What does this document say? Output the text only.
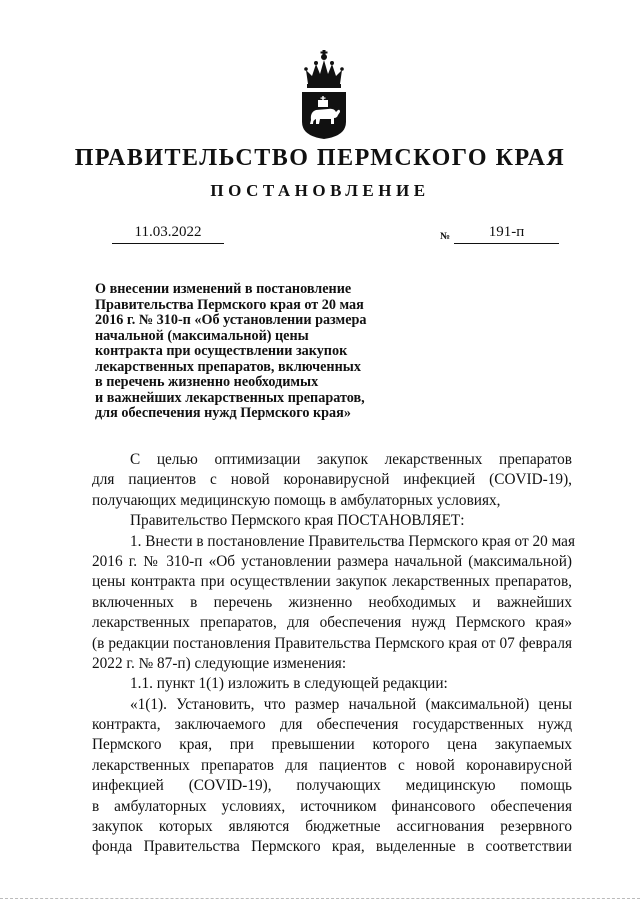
ПРАВИТЕЛЬСТВО ПЕРМСКОГО КРАЯ
ПОСТАНОВЛЕНИЕ
11.03.2022	№	191-п
О внесении изменений в постановление
Правительства Пермского края от 20 мая
2016 г. № 310-п «Об установлении размера
начальной (максимальной) цены
контракта при осуществлении закупок
лекарственных препаратов, включенных
в перечень жизненно необходимых
и важнейших лекарственных препаратов,
для обеспечения нужд Пермского края»
С целью оптимизации закупок лекарственных препаратов
для пациентов с новой коронавирусной инфекцией (COVID-19),
получающих медицинскую помощь в амбулаторных условиях,
Правительство Пермского края ПОСТАНОВЛЯЕТ:
1. Внести в постановление Правительства Пермского края от 20 мая
2016 г. № 310-п «Об установлении размера начальной (максимальной)
цены контракта при осуществлении закупок лекарственных препаратов,
включенных в перечень жизненно необходимых и важнейших
лекарственных препаратов, для обеспечения нужд Пермского края»
(в редакции постановления Правительства Пермского края от 07 февраля
2022 г. № 87-п) следующие изменения:
1.1. пункт 1(1) изложить в следующей редакции:
«1(1). Установить, что размер начальной (максимальной) цены
контракта, заключаемого для обеспечения государственных нужд
Пермского края, при превышении которого цена закупаемых
лекарственных препаратов для пациентов с новой коронавирусной
инфекцией (COVID-19), получающих медицинскую помощь
в амбулаторных условиях, источником финансового обеспечения
закупок которых являются бюджетные ассигнования резервного
фонда Правительства Пермского края, выделенные в соответствии
